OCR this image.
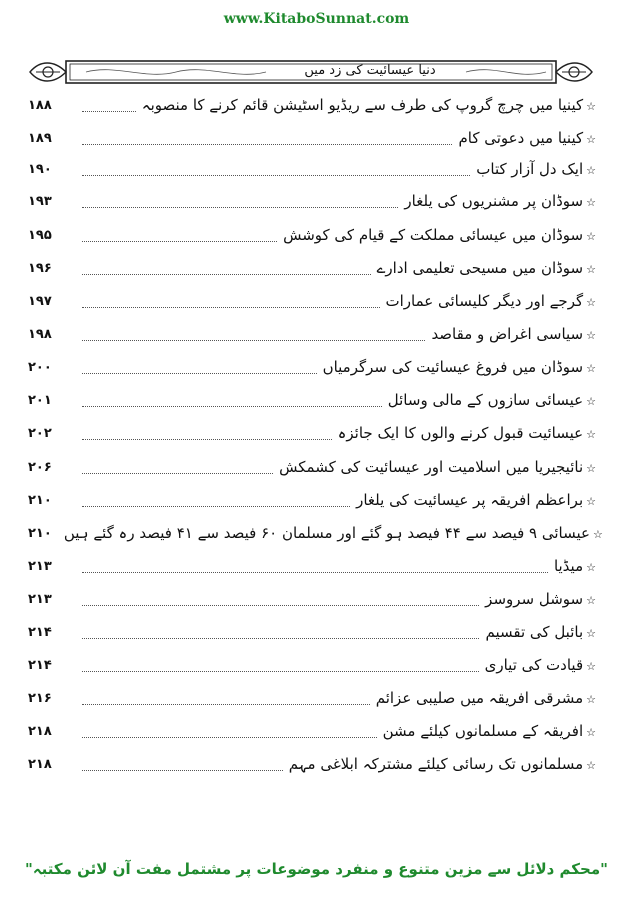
www.KitaboSunnat.com
دنیا عیسائیت کی زد میں
۱۸۸	☆کینیا میں چرچ گروپ کی طرف سے ریڈیو اسٹیشن قائم کرنے کا منصوبہ
۱۸۹	☆کینیا میں دعوتی کام
۱۹۰	☆ایک دل آزار کتاب
۱۹۳	☆سوڈان پر مشنریوں کی یلغار
۱۹۵	☆سوڈان میں عیسائی مملکت کے قیام کی کوشش
۱۹۶	☆سوڈان میں مسیحی تعلیمی ادارے
۱۹۷	☆گرجے اور دیگر کلیسائی عمارات
۱۹۸	☆سیاسی اغراض و مقاصد
۲۰۰	☆سوڈان میں فروغ عیسائیت کی سرگرمیاں
۲۰۱	☆عیسائی سازوں کے مالی وسائل
۲۰۲	☆عیسائیت قبول کرنے والوں کا ایک جائزہ
۲۰۶	☆نائیجیریا میں اسلامیت اور عیسائیت کی کشمکش
۲۱۰	☆براعظم افریقہ پر عیسائیت کی یلغار
۲۱۰	☆عیسائی ۹ فیصد سے ۴۴ فیصد ہو گئے اور مسلمان ۶۰ فیصد سے ۴۱ فیصد رہ گئے ہیں
۲۱۳	☆میڈیا
۲۱۳	☆سوشل سروسز
۲۱۴	☆بائبل کی تقسیم
۲۱۴	☆قیادت کی تیاری
۲۱۶	☆مشرقی افریقہ میں صلیبی عزائم
۲۱۸	☆افریقہ کے مسلمانوں کیلئے مشن
۲۱۸	☆مسلمانوں تک رسائی کیلئے مشترکہ ابلاغی مہم
"محکم دلائل سے مزین متنوع و منفرد موضوعات پر مشتمل مفت آن لائن مکتبہ"
